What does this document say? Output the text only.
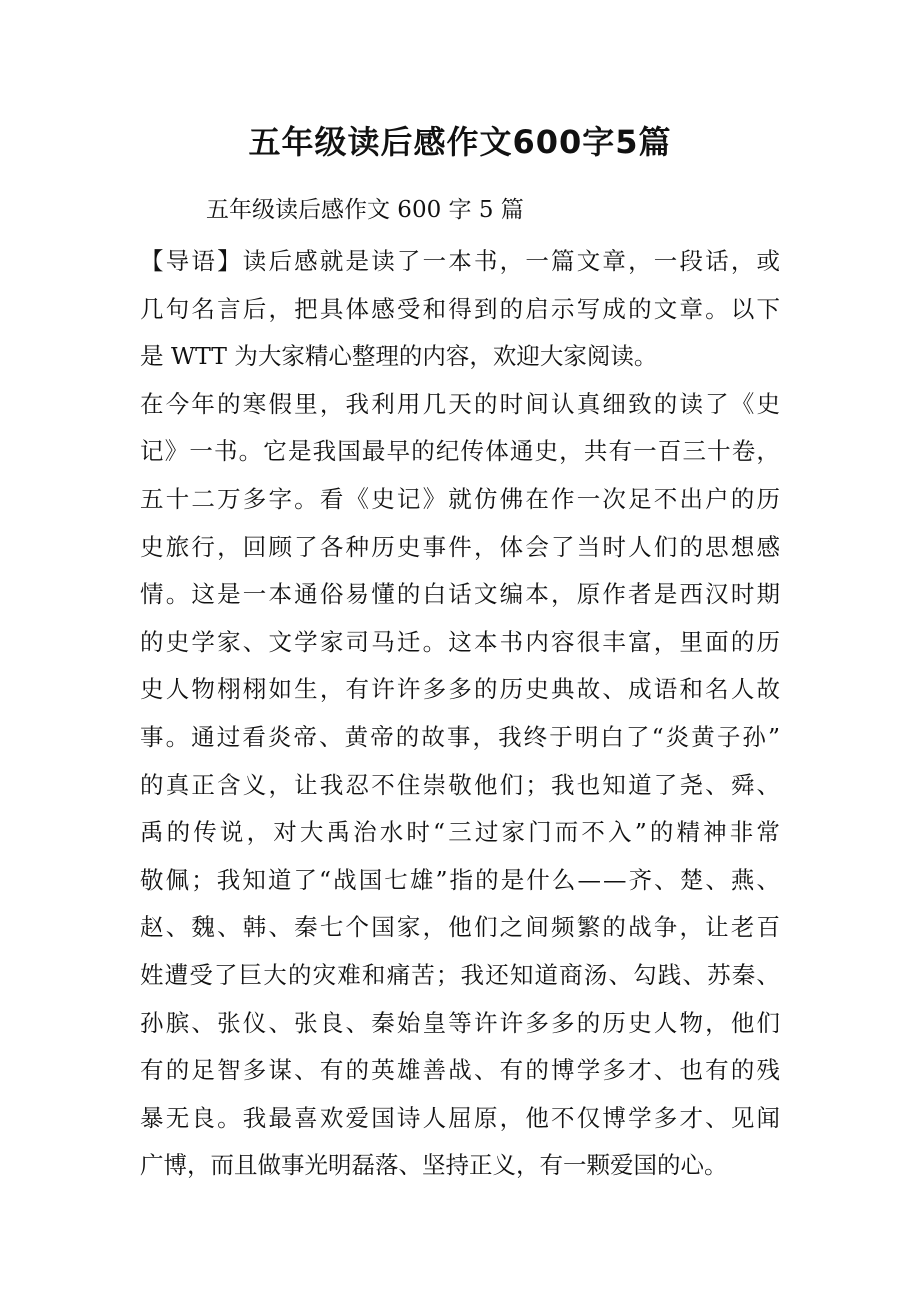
五年级读后感作文600字5篇

五年级读后感作文 600 字 5 篇

【 导 语 】 读 后 感 就 是 读 了 一 本 书 ， 一 篇 文 章 ， 一 段 话 ， 或
几 句 名 言 后 ， 把 具 体 感 受 和 得 到 的 启 示 写 成 的 文 章 。 以 下
是 WTT 为大家精心整理的内容，欢迎大家阅读。
在 今 年 的 寒 假 里 ， 我 利 用 几 天 的 时 间 认 真 细 致 的 读 了 《 史
记 》 一 书 。 它 是 我 国 最 早 的 纪 传 体 通 史 ， 共 有 一 百 三 十 卷 ，
五 十 二 万 多 字 。 看 《 史 记 》 就 仿 佛 在 作 一 次 足 不 出 户 的 历
史 旅 行 ， 回 顾 了 各 种 历 史 事 件 ， 体 会 了 当 时 人 们 的 思 想 感
情 。 这 是 一 本 通 俗 易 懂 的 白 话 文 编 本 ， 原 作 者 是 西 汉 时 期
的 史 学 家 、 文 学 家 司 马 迁 。 这 本 书 内 容 很 丰 富 ， 里 面 的 历
史 人 物 栩 栩 如 生 ， 有 许 许 多 多 的 历 史 典 故 、 成 语 和 名 人 故
事 。 通 过 看 炎 帝 、 黄 帝 的 故 事 ， 我 终 于 明 白 了 “ 炎 黄 子 孙 ”
的 真 正 含 义 ， 让 我 忍 不 住 崇 敬 他 们 ； 我 也 知 道 了 尧 、 舜 、
禹 的 传 说 ， 对 大 禹 治 水 时 “ 三 过 家 门 而 不 入 ” 的 精 神 非 常
敬 佩 ； 我 知 道 了 “ 战 国 七 雄 ” 指 的 是 什 么 — — 齐 、 楚 、 燕 、
赵 、 魏 、 韩 、 秦 七 个 国 家 ， 他 们 之 间 频 繁 的 战 争 ， 让 老 百
姓 遭 受 了 巨 大 的 灾 难 和 痛 苦 ； 我 还 知 道 商 汤 、 勾 践 、 苏 秦 、
孙 膑 、 张 仪 、 张 良 、 秦 始 皇 等 许 许 多 多 的 历 史 人 物 ， 他 们
有 的 足 智 多 谋 、 有 的 英 雄 善 战 、 有 的 博 学 多 才 、 也 有 的 残
暴 无 良 。 我 最 喜 欢 爱 国 诗 人 屈 原 ， 他 不 仅 博 学 多 才 、 见 闻
广博，而且做事光明磊落、坚持正义，有一颗爱国的心。
